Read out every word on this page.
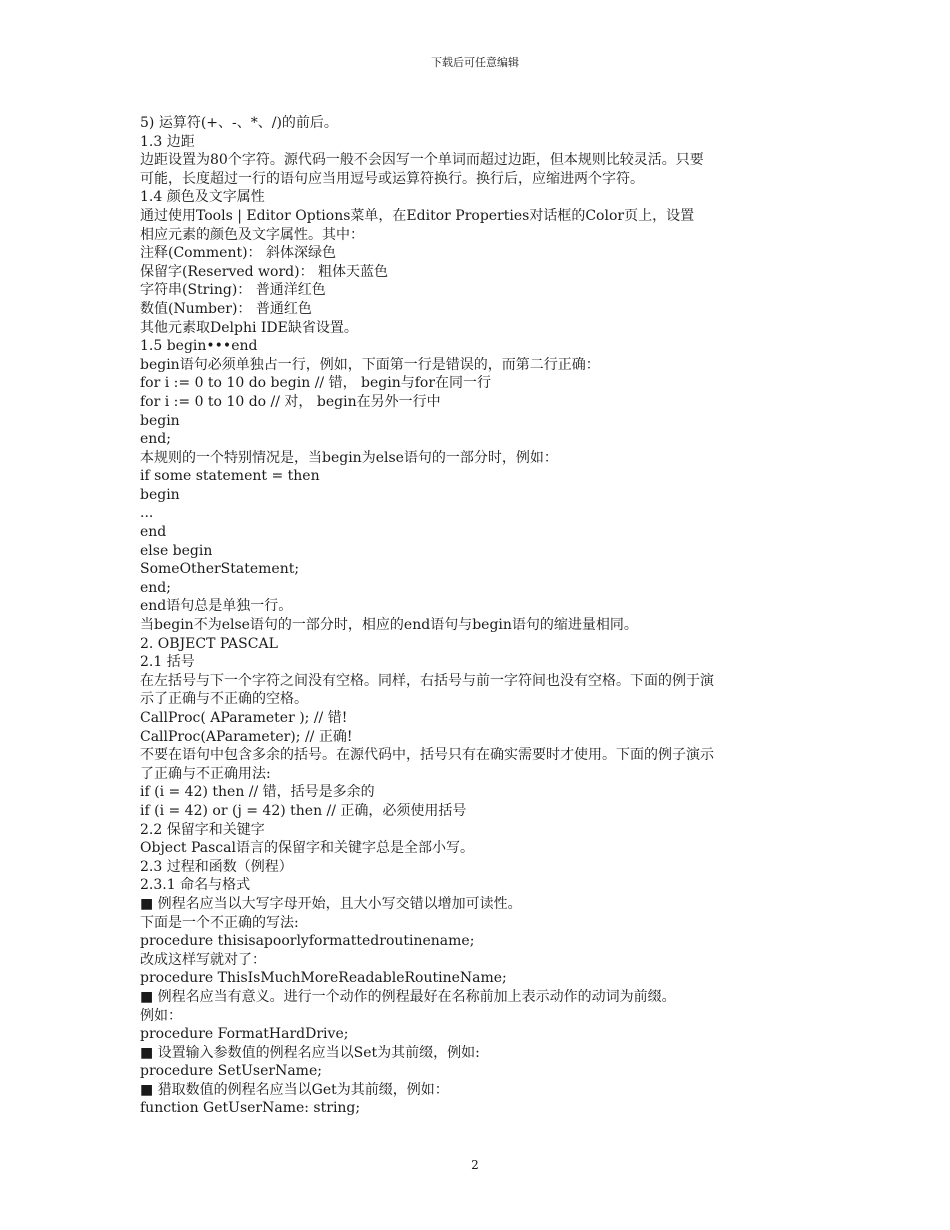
下载后可任意编辑
5) 运算符(+、-、*、/)的前后。
1.3 边距
边距设置为80个字符。源代码一般不会因写一个单词而超过边距，但本规则比较灵活。只要
可能，长度超过一行的语句应当用逗号或运算符换行。换行后，应缩进两个字符。
1.4 颜色及文字属性
通过使用Tools | Editor Options菜单，在Editor Properties对话框的Color页上，设置
相应元素的颜色及文字属性。其中：
注释(Comment)： 斜体深绿色
保留字(Reserved word)： 粗体天蓝色
字符串(String)： 普通洋红色
数值(Number)： 普通红色
其他元素取Delphi IDE缺省设置。
1.5 begin•••end
begin语句必须单独占一行，例如，下面第一行是错误的，而第二行正确：
for i := 0 to 10 do begin // 错， begin与for在同一行
for i := 0 to 10 do // 对， begin在另外一行中
begin
end;
本规则的一个特别情况是，当begin为else语句的一部分时，例如：
if some statement = then
begin
...
end
else begin
SomeOtherStatement;
end;
end语句总是单独一行。
当begin不为else语句的一部分时，相应的end语句与begin语句的缩进量相同。
2. OBJECT PASCAL
2.1 括号
在左括号与下一个字符之间没有空格。同样，右括号与前一字符间也没有空格。下面的例于演
示了正确与不正确的空格。
CallProc( AParameter ); // 错!
CallProc(AParameter); // 正确!
不要在语句中包含多余的括号。在源代码中，括号只有在确实需要时才使用。下面的例子演示
了正确与不正确用法:
if (i = 42) then // 错，括号是多余的
if (i = 42) or (j = 42) then // 正确，必须使用括号
2.2 保留字和关键字
Object Pascal语言的保留字和关键字总是全部小写。
2.3 过程和函数（例程）
2.3.1 命名与格式
■ 例程名应当以大写字母开始，且大小写交错以增加可读性。
下面是一个不正确的写法:
procedure thisisapoorlyformattedroutinename;
改成这样写就对了：
procedure ThisIsMuchMoreReadableRoutineName;
■ 例程名应当有意义。进行一个动作的例程最好在名称前加上表示动作的动词为前缀。
例如：
procedure FormatHardDrive;
■ 设置输入参数值的例程名应当以Set为其前缀，例如:
procedure SetUserName;
■ 猎取数值的例程名应当以Get为其前缀，例如：
function GetUserName: string;
2
